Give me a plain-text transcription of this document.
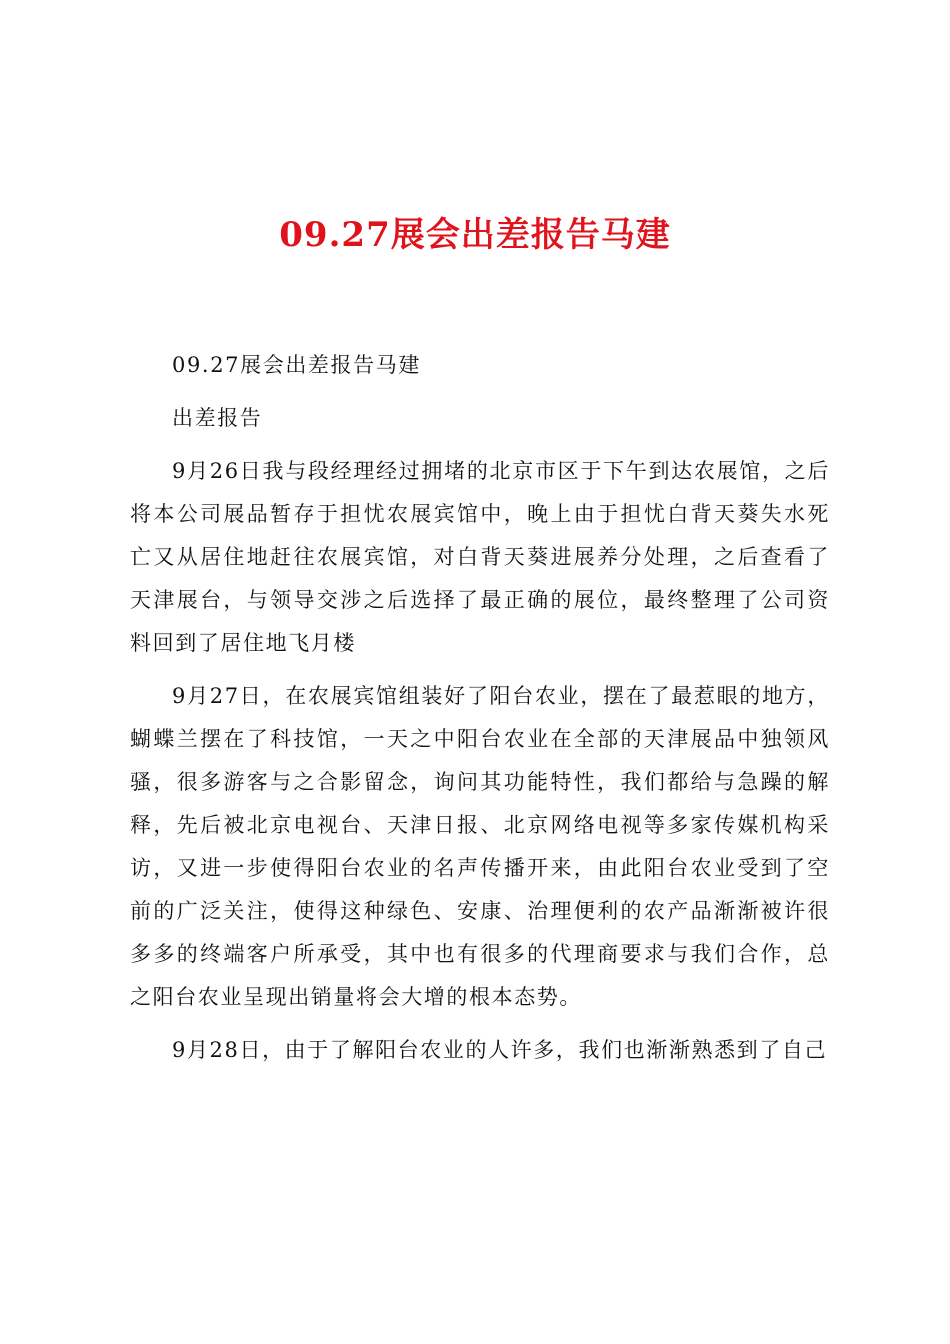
09.27展会出差报告马建

09.27展会出差报告马建

出差报告

9月26日我与段经理经过拥堵的北京市区于下午到达农展馆，之后将本公司展品暂存于担忧农展宾馆中，晚上由于担忧白背天葵失水死亡又从居住地赶往农展宾馆，对白背天葵进展养分处理，之后查看了天津展台，与领导交涉之后选择了最正确的展位，最终整理了公司资料回到了居住地飞月楼

9月27日，在农展宾馆组装好了阳台农业，摆在了最惹眼的地方，蝴蝶兰摆在了科技馆，一天之中阳台农业在全部的天津展品中独领风骚，很多游客与之合影留念，询问其功能特性，我们都给与急躁的解释，先后被北京电视台、天津日报、北京网络电视等多家传媒机构采访，又进一步使得阳台农业的名声传播开来，由此阳台农业受到了空前的广泛关注，使得这种绿色、安康、治理便利的农产品渐渐被许很多多的终端客户所承受，其中也有很多的代理商要求与我们合作，总之阳台农业呈现出销量将会大增的根本态势。

9月28日，由于了解阳台农业的人许多，我们也渐渐熟悉到了自己
